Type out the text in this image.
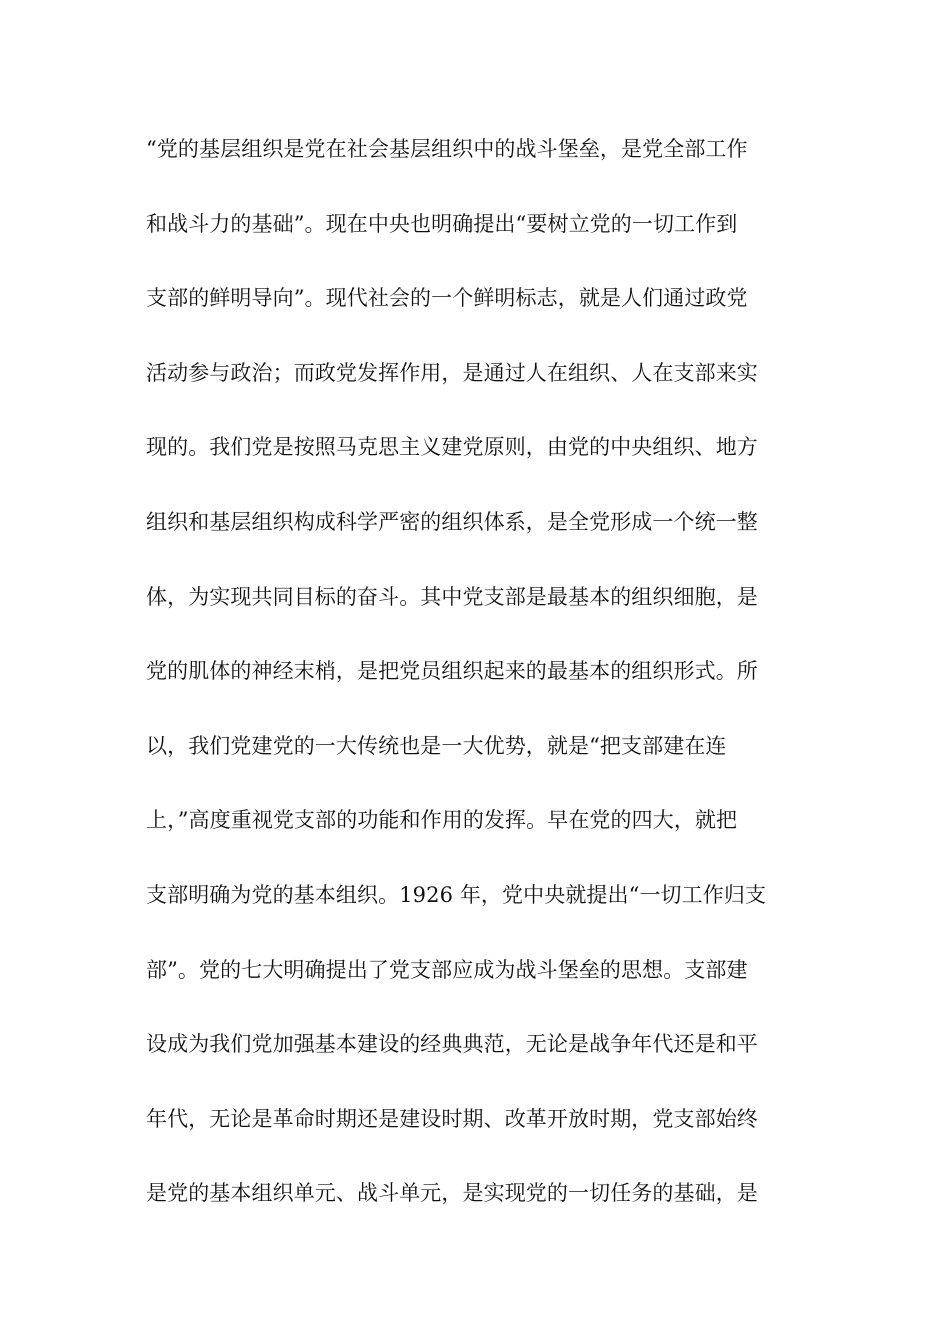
“党的基层组织是党在社会基层组织中的战斗堡垒，是党全部工作
和战斗力的基础”。现在中央也明确提出“要树立党的一切工作到
支部的鲜明导向”。现代社会的一个鲜明标志，就是人们通过政党
活动参与政治；而政党发挥作用，是通过人在组织、人在支部来实
现的。我们党是按照马克思主义建党原则，由党的中央组织、地方
组织和基层组织构成科学严密的组织体系，是全党形成一个统一整
体，为实现共同目标的奋斗。其中党支部是最基本的组织细胞，是
党的肌体的神经末梢，是把党员组织起来的最基本的组织形式。所
以，我们党建党的一大传统也是一大优势，就是“把支部建在连
上，”高度重视党支部的功能和作用的发挥。早在党的四大，就把
支部明确为党的基本组织。1926 年，党中央就提出“一切工作归支
部”。党的七大明确提出了党支部应成为战斗堡垒的思想。支部建
设成为我们党加强基本建设的经典典范，无论是战争年代还是和平
年代，无论是革命时期还是建设时期、改革开放时期，党支部始终
是党的基本组织单元、战斗单元，是实现党的一切任务的基础，是
